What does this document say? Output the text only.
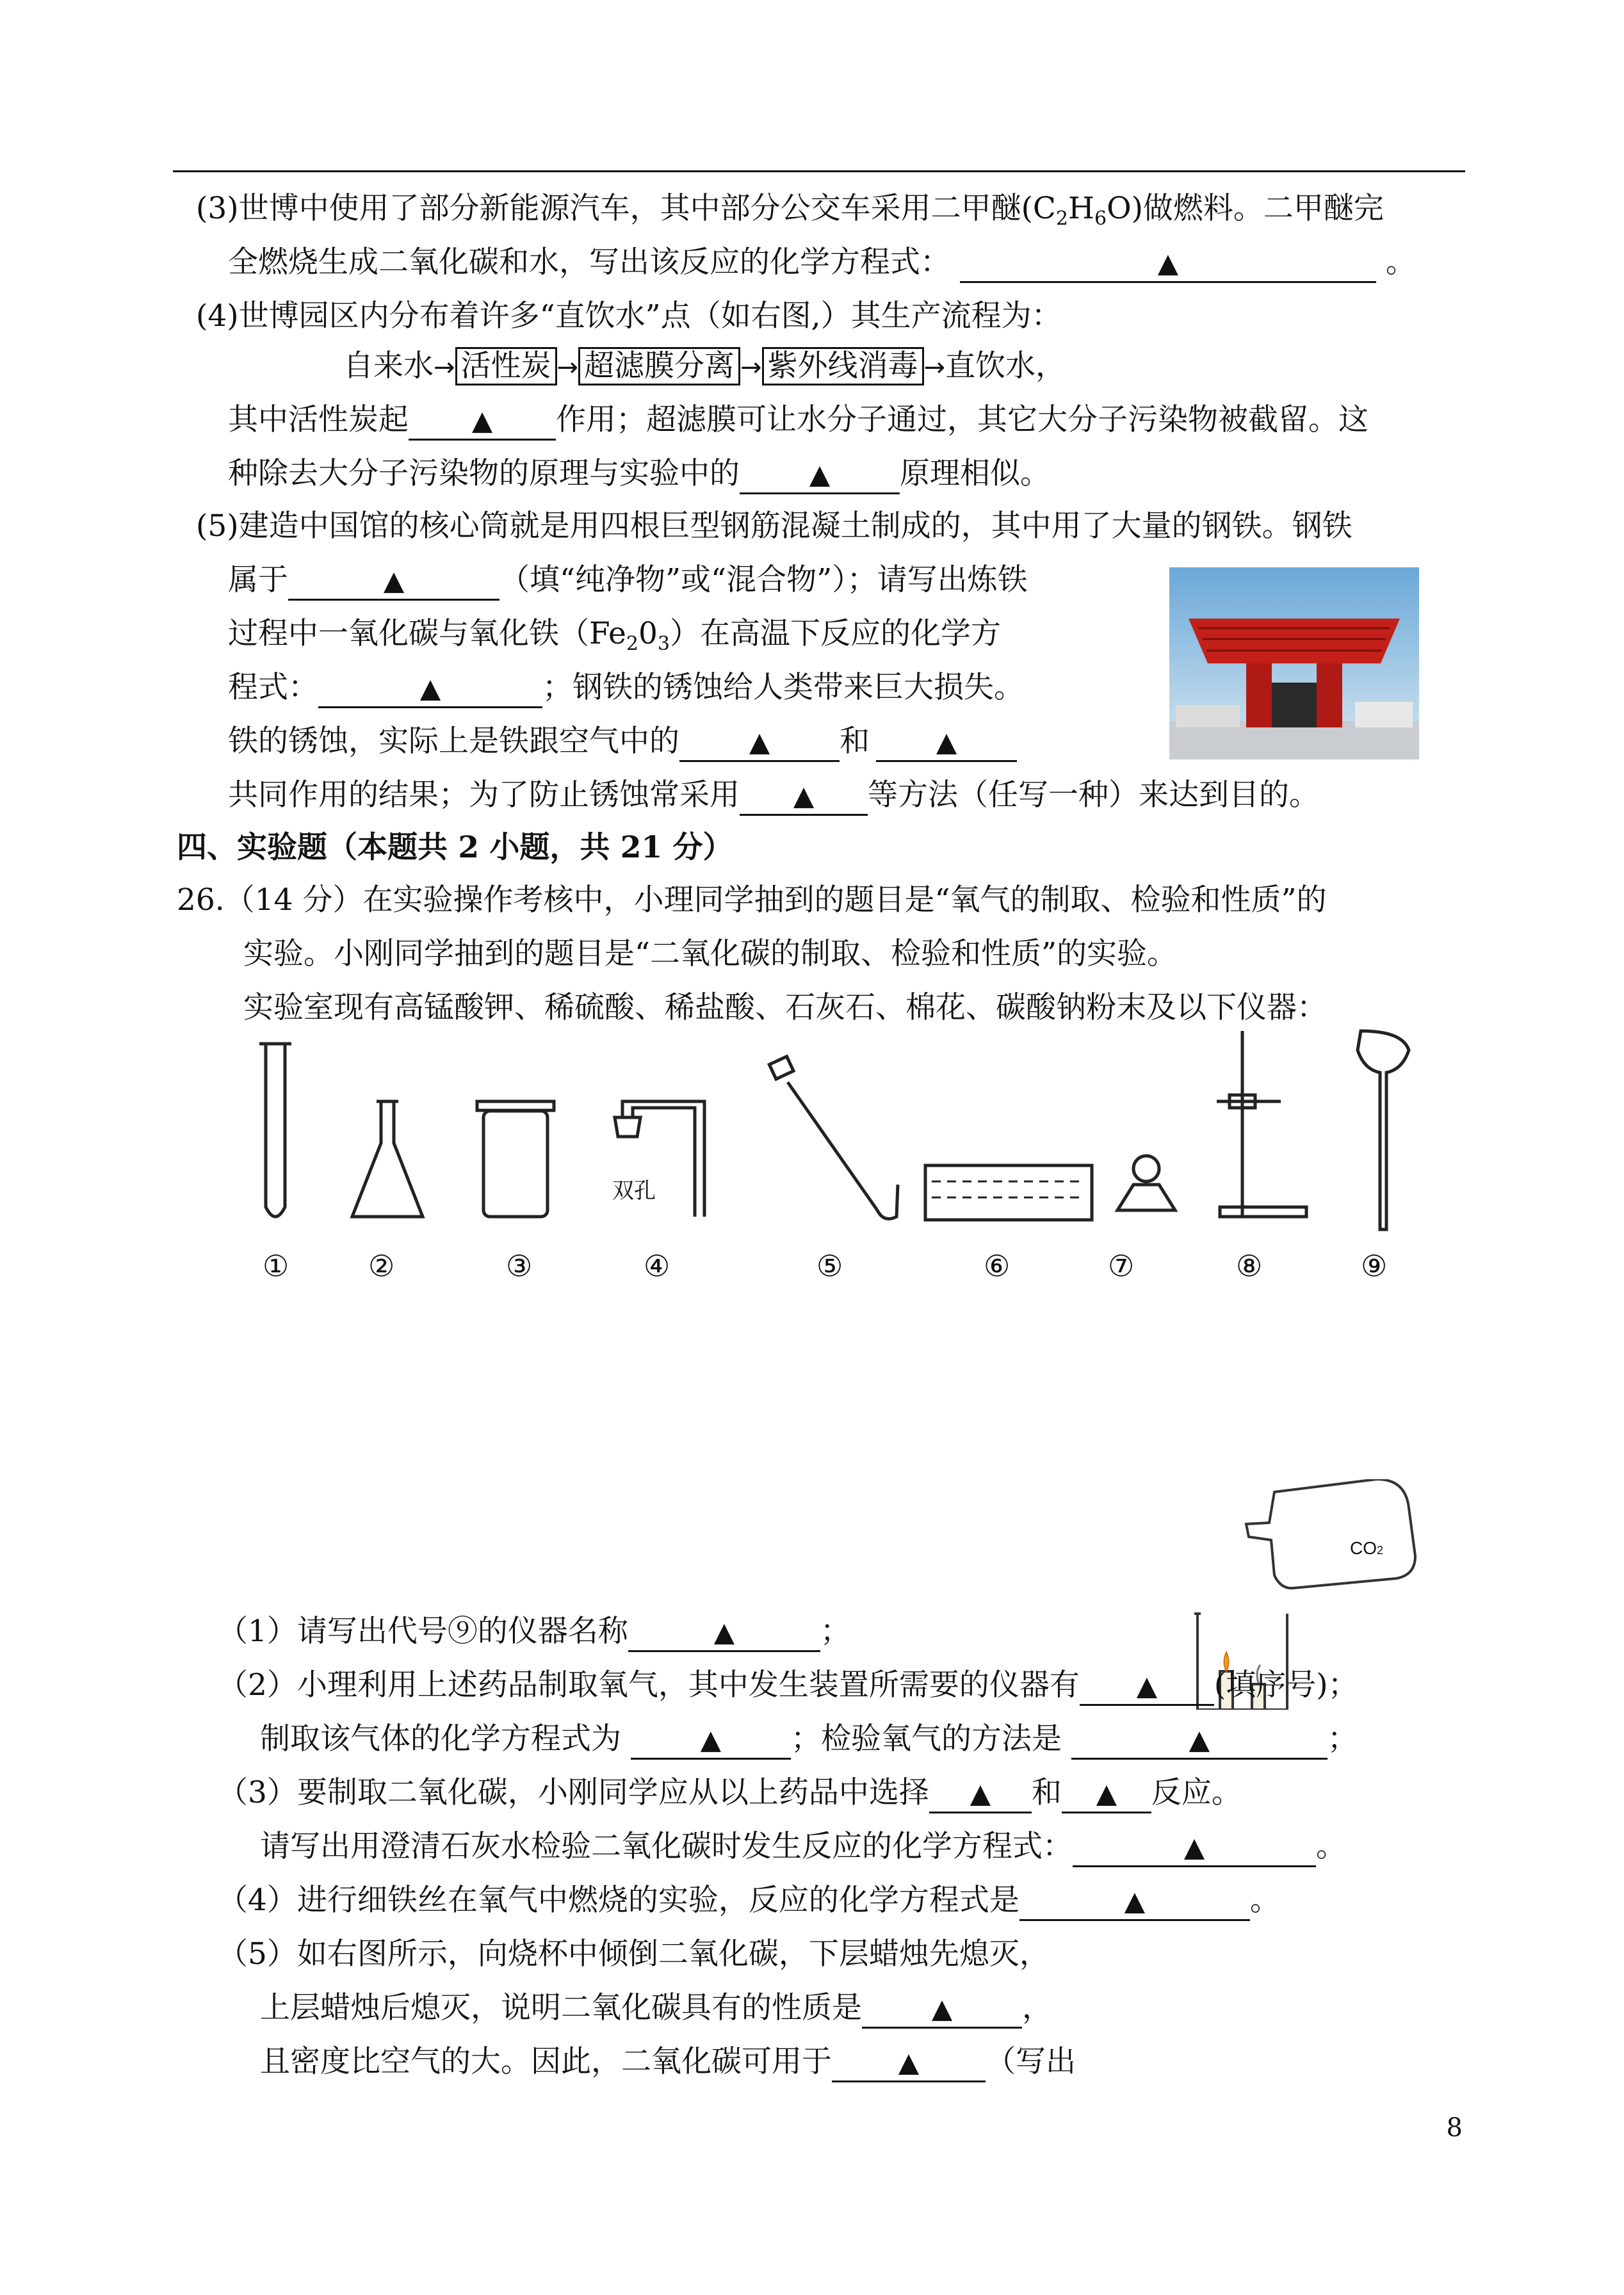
(3)世博中使用了部分新能源汽车，其中部分公交车采用二甲醚$(C_2H_6O)$做燃料。二甲醚完
全燃烧生成二氧化碳和水，写出该反应的化学方程式：	▲	。
(4)世博园区内分布着许多“直饮水”点（如右图,）其生产流程为：
自来水→ 活性炭 → 超滤膜分离 → 紫外线消毒 →直饮水，
其中活性炭起 ▲ 作用；超滤膜可让水分子通过，其它大分子污染物被截留。这
种除去大分子污染物的原理与实验中的	▲ 原理相似。
(5)建造中国馆的核心筒就是用四根巨型钢筋混凝土制成的，其中用了大量的钢铁。钢铁
属于	▲	（填“纯净物”或“混合物”）；请写出炼铁
过程中一氧化碳与氧化铁$(Fe_20_3)$在高温下反应的化学方
程式：	▲	；钢铁的锈蚀给人类带来巨大损失。
铁的锈蚀，实际上是铁跟空气中的	▲ 和 ▲
共同作用的结果；为了防止锈蚀常采用 ▲ 等方法（任写一种）来达到目的。
四、实验题（本题共 2 小题，共 21 分）
26.（14 分）在实验操作考核中，小理同学抽到的题目是“氧气的制取、检验和性质”的
实验。小刚同学抽到的题目是“二氧化碳的制取、检验和性质”的实验。
实验室现有高锰酸钾、稀硫酸、稀盐酸、石灰石、棉花、碳酸钠粉末及以下仪器：
双孔
①	②	③	④	⑤	⑥	⑦	⑧	⑨
CO2
（1）请写出代号⑨的仪器名称	▲	；
（2）小理利用上述药品制取氧气，其中发生装置所需要的仪器有 ▲ (填序号)；
制取该气体的化学方程式为	▲ ；检验氧气的方法是	▲	；
（3）要制取二氧化碳，小刚同学应从以上药品中选择 ▲ 和 ▲ 反应。
请写出用澄清石灰水检验二氧化碳时发生反应的化学方程式：	▲	。
（4）进行细铁丝在氧气中燃烧的实验，反应的化学方程式是	▲	。
（5）如右图所示，向烧杯中倾倒二氧化碳，下层蜡烛先熄灭，
上层蜡烛后熄灭，说明二氧化碳具有的性质是	▲ ，
且密度比空气的大。因此，二氧化碳可用于 ▲ （写出
8
